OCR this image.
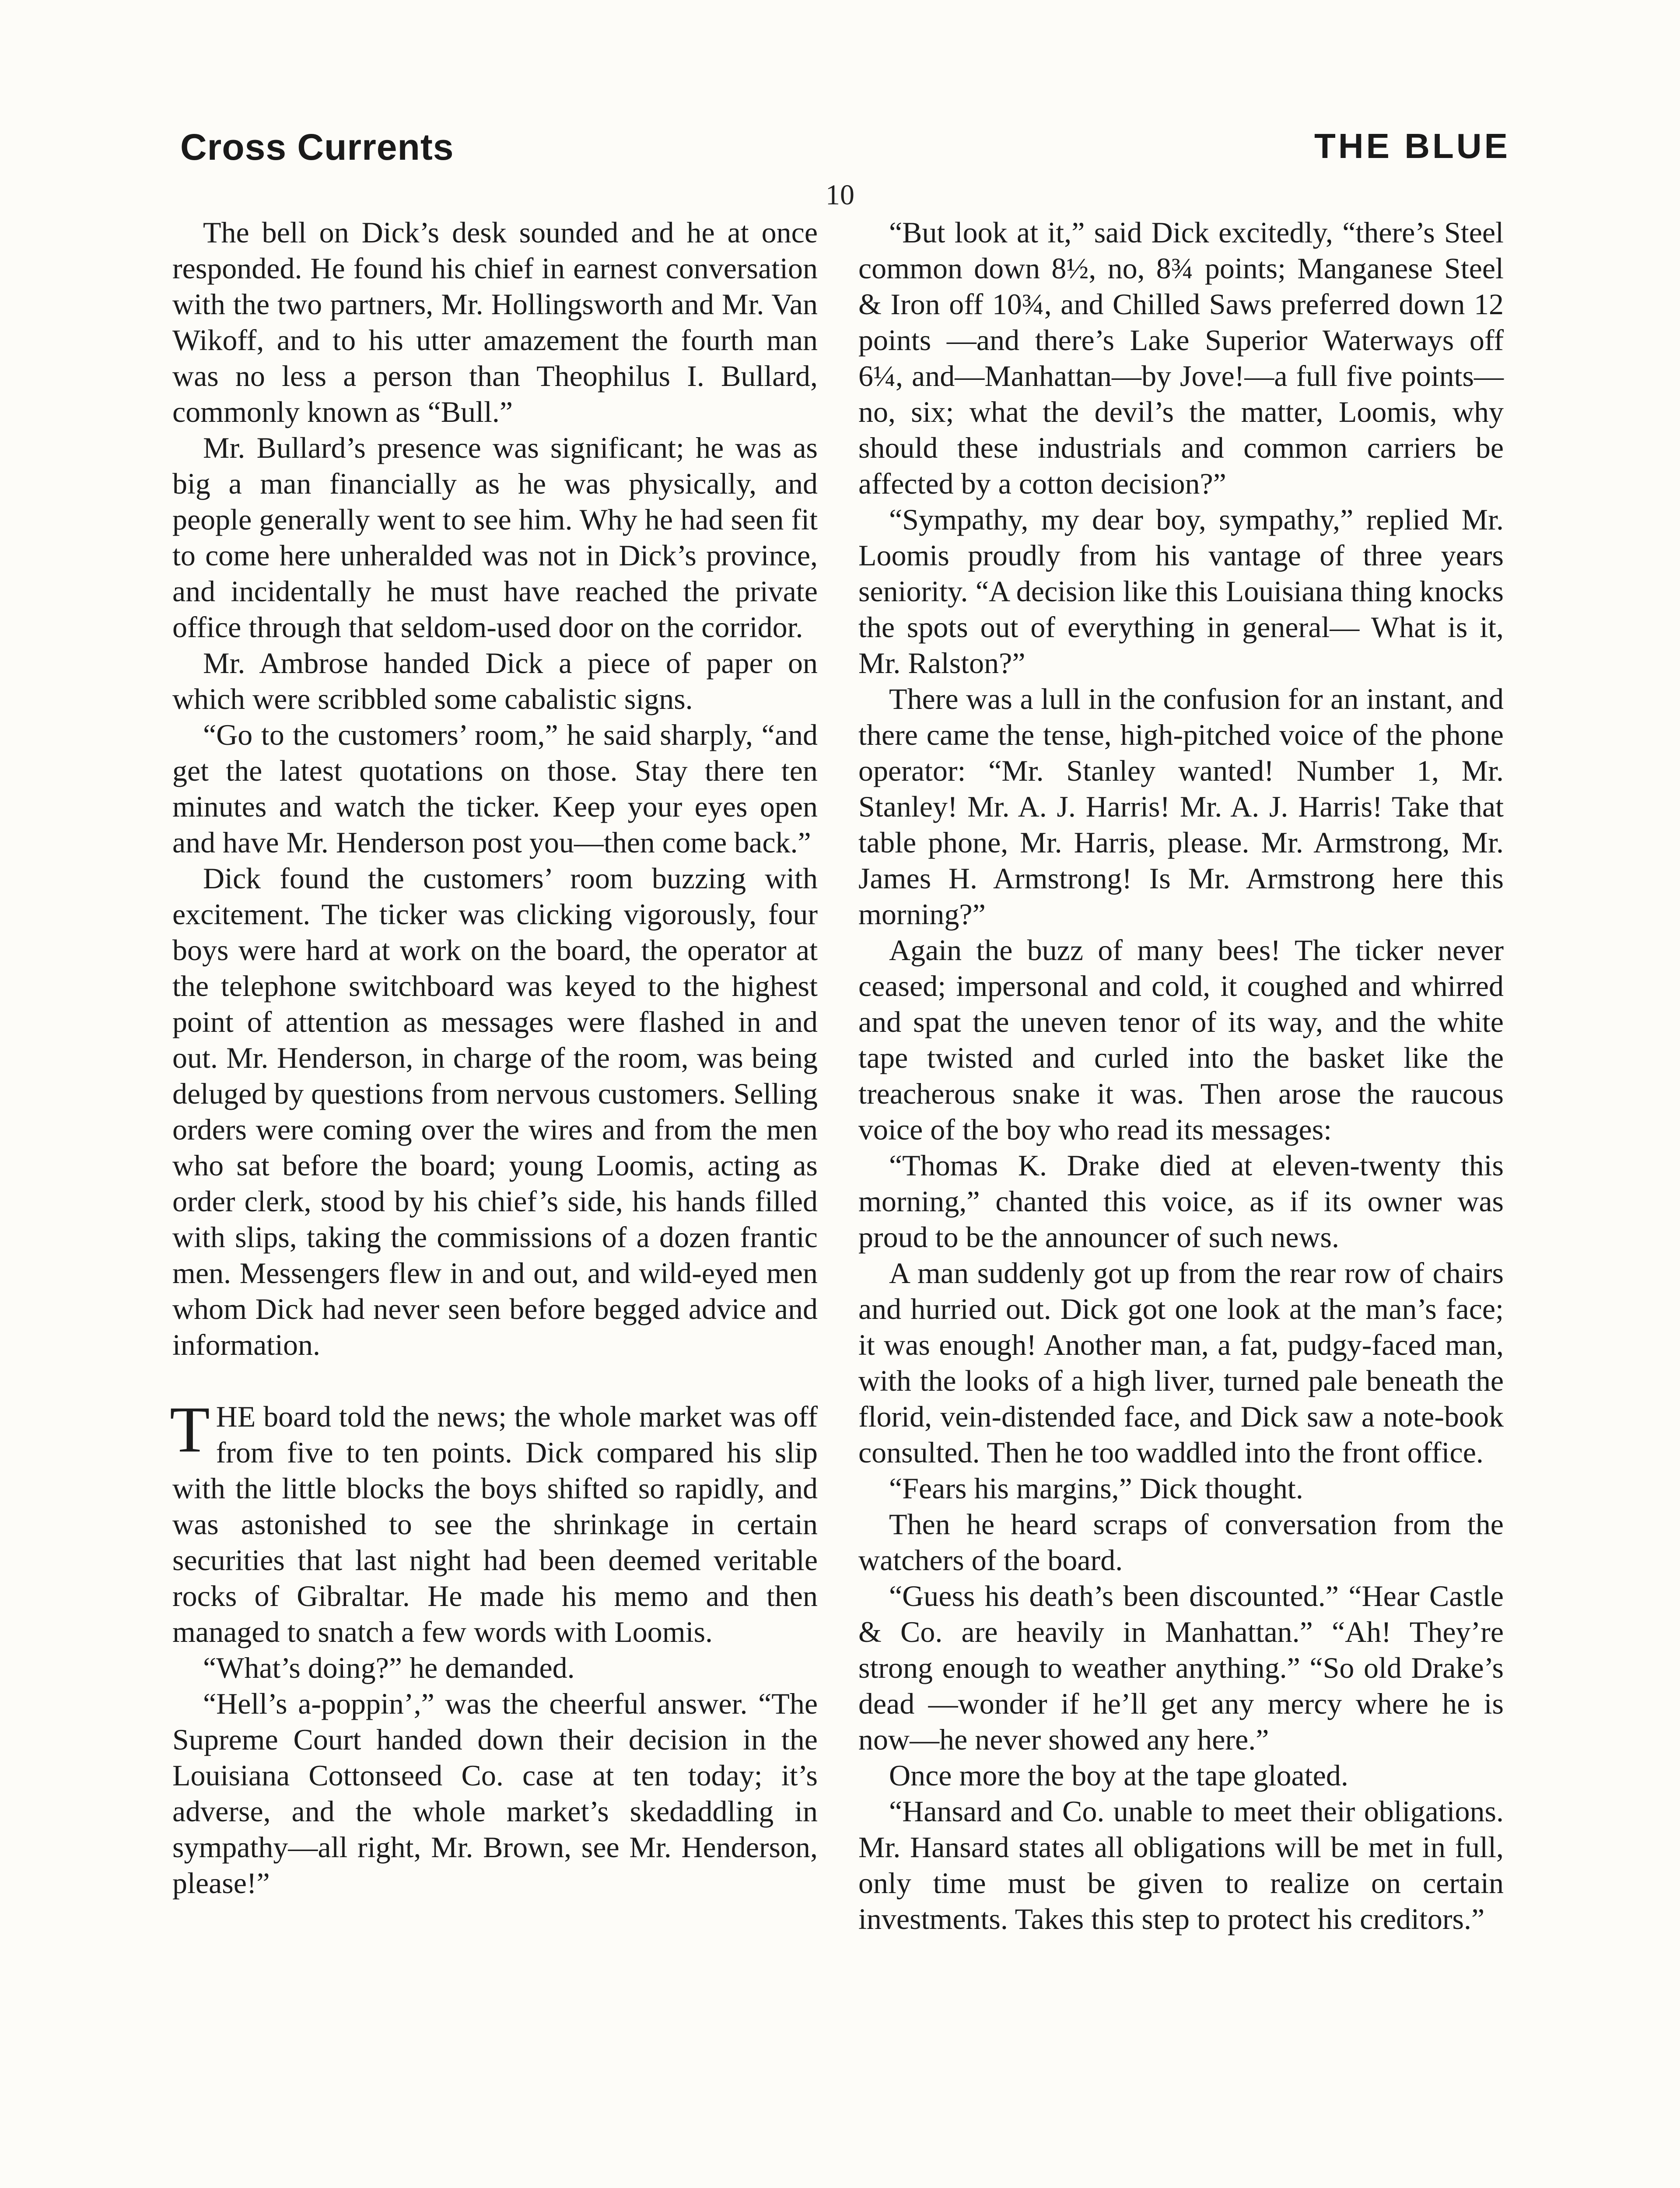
Cross Currents	THE BLUE
10

The bell on Dick’s desk sounded and he at once responded. He found his chief in earnest conversation with the two partners, Mr. Hollingsworth and Mr. Van Wikoff, and to his utter amazement the fourth man was no less a person than Theophilus I. Bullard, commonly known as “Bull.”

Mr. Bullard’s presence was significant; he was as big a man financially as he was physically, and people generally went to see him. Why he had seen fit to come here unheralded was not in Dick’s province, and incidentally he must have reached the private office through that seldom-used door on the corridor.

Mr. Ambrose handed Dick a piece of paper on which were scribbled some cabalistic signs.

“Go to the customers’ room,” he said sharply, “and get the latest quotations on those. Stay there ten minutes and watch the ticker. Keep your eyes open and have Mr. Henderson post you—then come back.”

Dick found the customers’ room buzzing with excitement. The ticker was clicking vigorously, four boys were hard at work on the board, the operator at the telephone switchboard was keyed to the highest point of attention as messages were flashed in and out. Mr. Henderson, in charge of the room, was being deluged by questions from nervous customers. Selling orders were coming over the wires and from the men who sat before the board; young Loomis, acting as order clerk, stood by his chief’s side, his hands filled with slips, taking the commissions of a dozen frantic men. Messengers flew in and out, and wild-eyed men whom Dick had never seen before begged advice and information.

THE board told the news; the whole market was off from five to ten points. Dick compared his slip with the little blocks the boys shifted so rapidly, and was astonished to see the shrinkage in certain securities that last night had been deemed veritable rocks of Gibraltar. He made his memo and then managed to snatch a few words with Loomis.

“What’s doing?” he demanded.

“Hell’s a-poppin’,” was the cheerful answer. “The Supreme Court handed down their decision in the Louisiana Cottonseed Co. case at ten today; it’s adverse, and the whole market’s skedaddling in sympathy—all right, Mr. Brown, see Mr. Henderson, please!”

“But look at it,” said Dick excitedly, “there’s Steel common down 8½, no, 8¾ points; Manganese Steel & Iron off 10¾, and Chilled Saws preferred down 12 points —and there’s Lake Superior Waterways off 6¼, and—Manhattan—by Jove!—a full five points—no, six; what the devil’s the matter, Loomis, why should these industrials and common carriers be affected by a cotton decision?”

“Sympathy, my dear boy, sympathy,” replied Mr. Loomis proudly from his vantage of three years seniority. “A decision like this Louisiana thing knocks the spots out of everything in general— What is it, Mr. Ralston?”

There was a lull in the confusion for an instant, and there came the tense, high-pitched voice of the phone operator: “Mr. Stanley wanted! Number 1, Mr. Stanley! Mr. A. J. Harris! Mr. A. J. Harris! Take that table phone, Mr. Harris, please. Mr. Armstrong, Mr. James H. Armstrong! Is Mr. Armstrong here this morning?”

Again the buzz of many bees! The ticker never ceased; impersonal and cold, it coughed and whirred and spat the uneven tenor of its way, and the white tape twisted and curled into the basket like the treacherous snake it was. Then arose the raucous voice of the boy who read its messages:

“Thomas K. Drake died at eleven-twenty this morning,” chanted this voice, as if its owner was proud to be the announcer of such news.

A man suddenly got up from the rear row of chairs and hurried out. Dick got one look at the man’s face; it was enough! Another man, a fat, pudgy-faced man, with the looks of a high liver, turned pale beneath the florid, vein-distended face, and Dick saw a note-book consulted. Then he too waddled into the front office.

“Fears his margins,” Dick thought.

Then he heard scraps of conversation from the watchers of the board.

“Guess his death’s been discounted.” “Hear Castle & Co. are heavily in Manhattan.” “Ah! They’re strong enough to weather anything.” “So old Drake’s dead —wonder if he’ll get any mercy where he is now—he never showed any here.”

Once more the boy at the tape gloated.

“Hansard and Co. unable to meet their obligations. Mr. Hansard states all obligations will be met in full, only time must be given to realize on certain investments. Takes this step to protect his creditors.”
